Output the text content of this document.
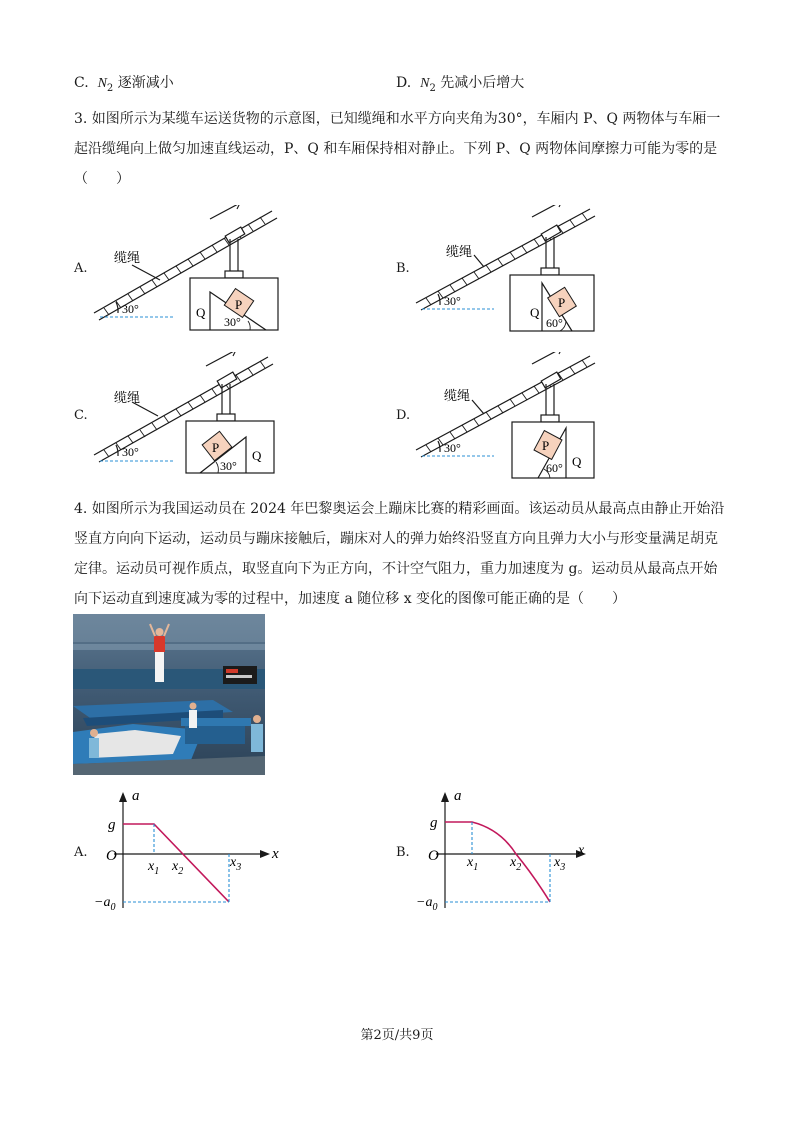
C. $N_2$ 逐渐减小	D. $N_2$ 先减小后增大
3. 如图所示为某缆车运送货物的示意图，已知缆绳和水平方向夹角为30°，车厢内 P、Q 两物体与车厢一
起沿缆绳向上做匀加速直线运动，P、Q 和车厢保持相对静止。下列 P、Q 两物体间摩擦力可能为零的是
（　　）
A.	B.
C.	D.
P
Q
30°
30°
缆绳
P
Q
60°
30°
缆绳
P
Q
30°
30°
缆绳
P
Q
60°
30°
缆绳
4. 如图所示为我国运动员在 2024 年巴黎奥运会上蹦床比赛的精彩画面。该运动员从最高点由静止开始沿
竖直方向向下运动，运动员与蹦床接触后，蹦床对人的弹力始终沿竖直方向且弹力大小与形变量满足胡克
定律。运动员可视作质点，取竖直向下为正方向，不计空气阻力，重力加速度为 g。运动员从最高点开始
向下运动直到速度减为零的过程中，加速度 a 随位移 x 变化的图像可能正确的是（　　）
A.	B.
a
x
O
g
$-a_0$
$x_1$ $x_2$
$x_3$
a
x
O
g
$-a_0$
$x_1$ $x_2$ $x_3$
第2页/共9页
